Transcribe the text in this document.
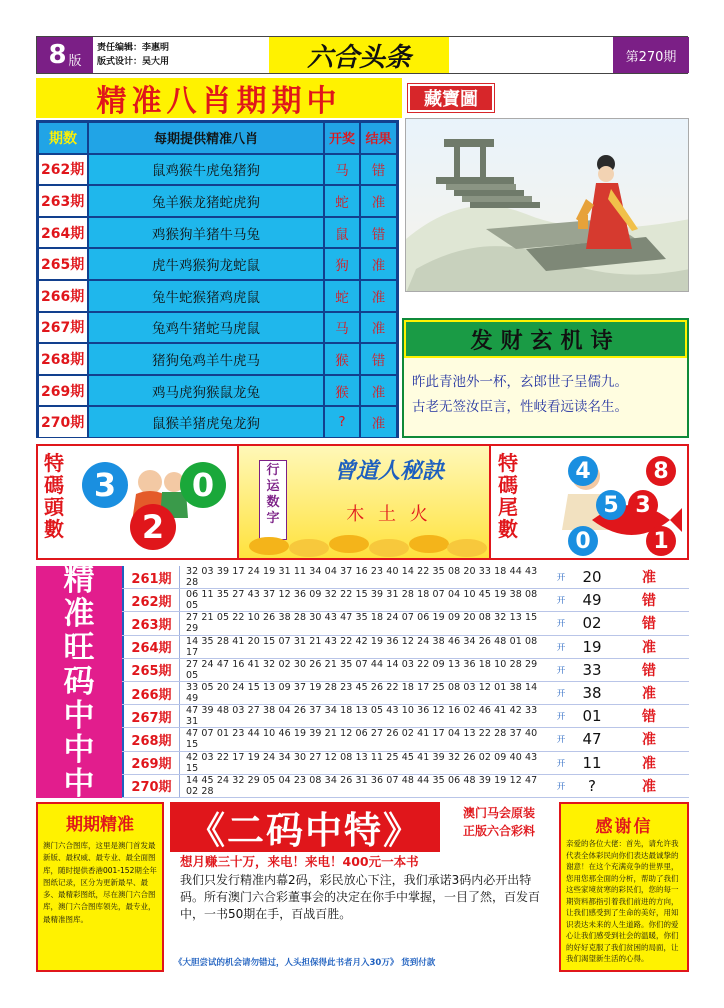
8 版
责任编辑：李惠明
版式设计：吴大用	六合头条	第270期
精准八肖期期中	藏寶圖
期数	每期提供精准八肖	开奖 结果
262期	鼠鸡猴牛虎兔猪狗	马	错
263期	兔羊猴龙猪蛇虎狗	蛇	准
264期	鸡猴狗羊猪牛马兔	鼠	错
265期	虎牛鸡猴狗龙蛇鼠	狗	准
266期	兔牛蛇猴猪鸡虎鼠	蛇	准
267期	兔鸡牛猪蛇马虎鼠	马	准
268期	猪狗兔鸡羊牛虎马	猴	错
269期	鸡马虎狗猴鼠龙兔	猴	准
270期	鼠猴羊猪虎兔龙狗	?	准
发财玄机诗
昨此青池外一杯，玄郎世子呈儒九。
古老无签汝臣言，性岐看远读名生。
特
碼
頭
數
3	0
2
行
运
数
字
曾道人秘訣
木 土 火
特
碼
尾
數
4	8
5 3
0	1
精
准
旺
码
中
中
中
261期	32 03 39 17 24 19 31 11 34 04 37 16 23 40 14 22 35 08 20 33 18 44 43 28	开	20	准
262期	06 11 35 27 43 37 12 36 09 32 22 15 39 31 28 18 07 04 10 45 19 38 08 05	开	49	错
263期	27 21 05 22 10 26 38 28 30 43 47 35 18 24 07 06 19 09 20 08 32 13 15 29	开	02	错
264期	14 35 28 41 20 15 07 31 21 43 22 42 19 36 12 24 38 46 34 26 48 01 08 17	开	19	准
265期	27 24 47 16 41 32 02 30 26 21 35 07 44 14 03 22 09 13 36 18 10 28 29 05	开	33	错
266期	33 05 20 24 15 13 09 37 19 28 23 45 26 22 18 17 25 08 03 12 01 38 14 49	开	38	准
267期	47 39 48 03 27 38 04 26 37 34 18 13 05 43 10 36 12 16 02 46 41 42 33 31	开	01	错
268期	47 07 01 23 44 10 46 19 39 21 12 06 27 26 02 41 17 04 13 22 28 37 40 15	开	47	准
269期	42 03 22 17 19 24 34 30 27 12 08 13 11 25 45 41 39 32 26 02 09 40 43 15	开	11	准
270期	14 45 24 32 29 05 04 23 08 34 26 31 36 07 48 44 35 06 48 39 19 12 47 02 28	开	?	准
期期精准
澳门六合图库，这里是澳门首发最新版、最权威、最专业、最全面图库，随时提供香港001-152期全年图纸记录，区分为更新最早、最多、最精彩图纸，尽在澳门六合图库，澳门六合图库领先，最专业，最精准图库。
《二码中特》	澳门马会原装
正版六合彩料
想月赚三十万，来电！来电！400元一本书
我们只发行精准内幕2码，彩民放心下注，我们承诺3码内必开出特码。所有澳门六合彩董事会的决定在你手中掌握，一目了然，百发百中，一书50期在手，百战百胜。
《大胆尝试的机会请勿错过，人头担保得此书者月入30万》 货到付款
感谢信
亲爱的各位大佬：首先，请允许我代表全体彩民向你们表达最诚挚的谢意！在这个充满竞争的世界里，您用您那全面的分析，帮助了我们这些家境贫寒的彩民们，您的每一期资料都指引着我们前进的方向，让我们感受到了生命的美好，用知识表达未来的人生道路。你们的爱心让我们感受到社会的温暖，你们的好好克服了我们贫困的局面，让我们渴望新生活的心得。
